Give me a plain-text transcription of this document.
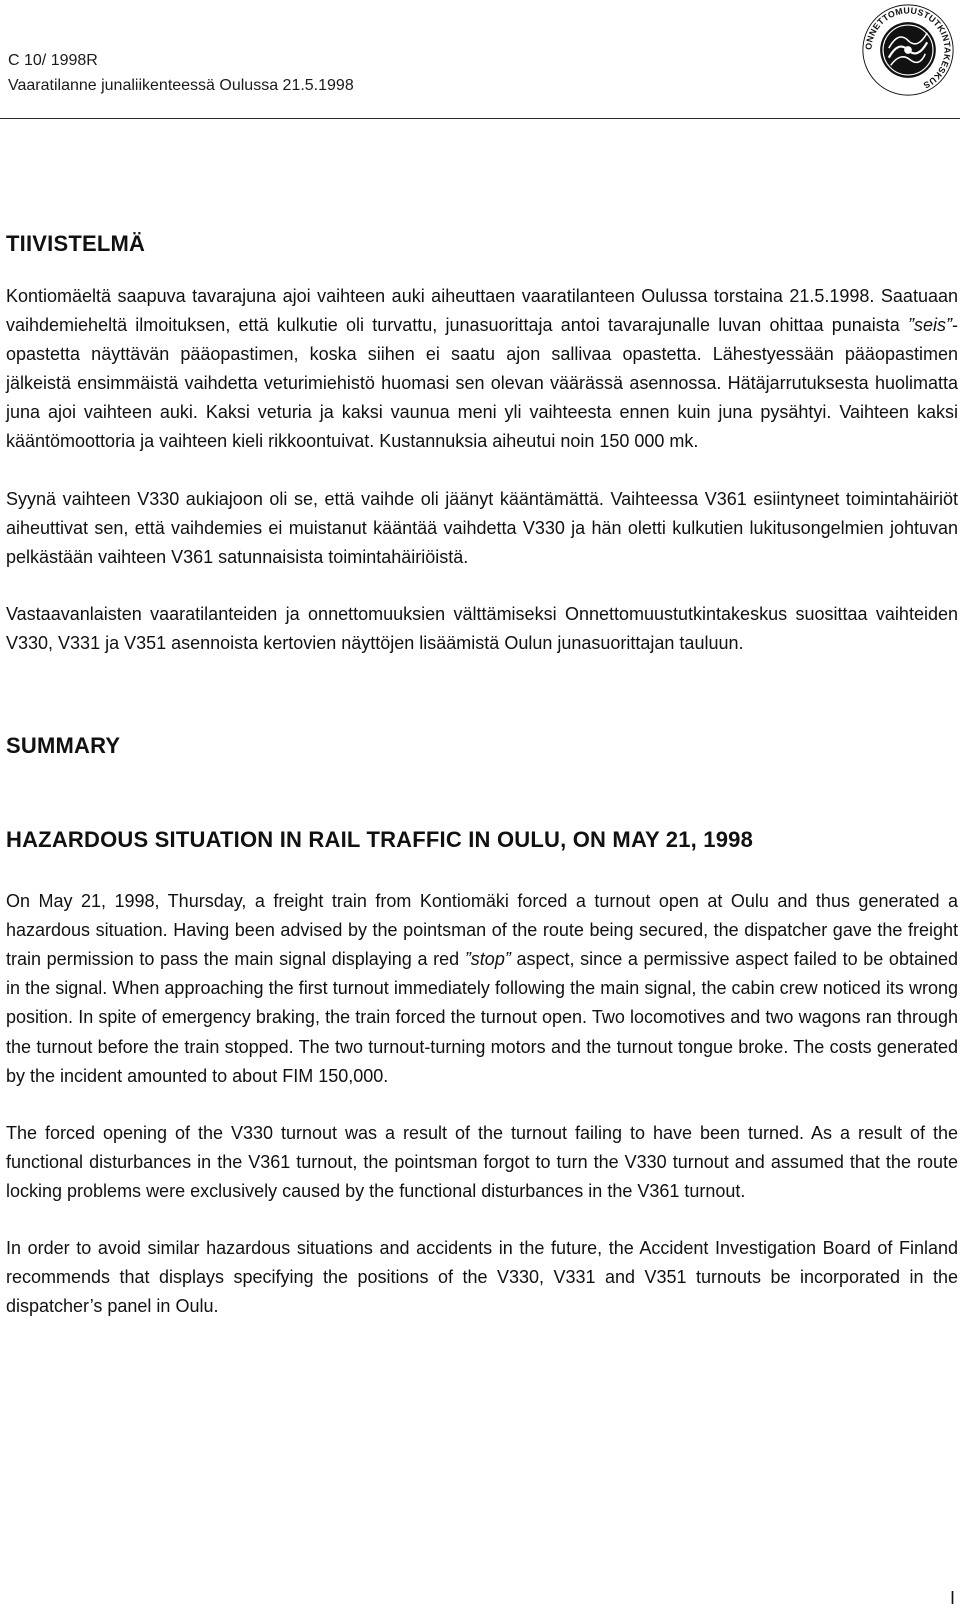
C 10/ 1998R
Vaaratilanne junaliikenteessä Oulussa 21.5.1998
ONNETTOMUUSTUTKINTAKESKUS
TIIVISTELMÄ

Kontiomäeltä saapuva tavarajuna ajoi vaihteen auki aiheuttaen vaaratilanteen Oulussa torstaina 21.5.1998. Saatuaan vaihdemieheltä ilmoituksen, että kulkutie oli turvattu, junasuorittaja antoi tavarajunalle luvan ohittaa punaista ”seis”-opastetta näyttävän pääopastimen, koska siihen ei saatu ajon sallivaa opastetta. Lähestyessään pääopastimen jälkeistä ensimmäistä vaihdetta veturimiehistö huomasi sen olevan väärässä asennossa. Hätäjarrutuksesta huolimatta juna ajoi vaihteen auki. Kaksi veturia ja kaksi vaunua meni yli vaihteesta ennen kuin juna pysähtyi. Vaihteen kaksi kääntömoottoria ja vaihteen kieli rikkoontuivat. Kustannuksia aiheutui noin 150 000 mk.

Syynä vaihteen V330 aukiajoon oli se, että vaihde oli jäänyt kääntämättä. Vaihteessa V361 esiintyneet toimintahäiriöt aiheuttivat sen, että vaihdemies ei muistanut kääntää vaihdetta V330 ja hän oletti kulkutien lukitusongelmien johtuvan pelkästään vaihteen V361 satunnaisista toimintahäiriöistä.

Vastaavanlaisten vaaratilanteiden ja onnettomuuksien välttämiseksi Onnettomuustutkintakeskus suosittaa vaihteiden V330, V331 ja V351 asennoista kertovien näyttöjen lisäämistä Oulun junasuorittajan tauluun.

SUMMARY
HAZARDOUS SITUATION IN RAIL TRAFFIC IN OULU, ON MAY 21, 1998

On May 21, 1998, Thursday, a freight train from Kontiomäki forced a turnout open at Oulu and thus generated a hazardous situation. Having been advised by the pointsman of the route being secured, the dispatcher gave the freight train permission to pass the main signal displaying a red ”stop” aspect, since a permissive aspect failed to be obtained in the signal. When approaching the first turnout immediately following the main signal, the cabin crew noticed its wrong position. In spite of emergency braking, the train forced the turnout open. Two locomotives and two wagons ran through the turnout before the train stopped. The two turnout-turning motors and the turnout tongue broke. The costs generated by the incident amounted to about FIM 150,000.

The forced opening of the V330 turnout was a result of the turnout failing to have been turned. As a result of the functional disturbances in the V361 turnout, the pointsman forgot to turn the V330 turnout and assumed that the route locking problems were exclusively caused by the functional disturbances in the V361 turnout.

In order to avoid similar hazardous situations and accidents in the future, the Accident Investigation Board of Finland recommends that displays specifying the positions of the V330, V331 and V351 turnouts be incorporated in the dispatcher’s panel in Oulu.

I
